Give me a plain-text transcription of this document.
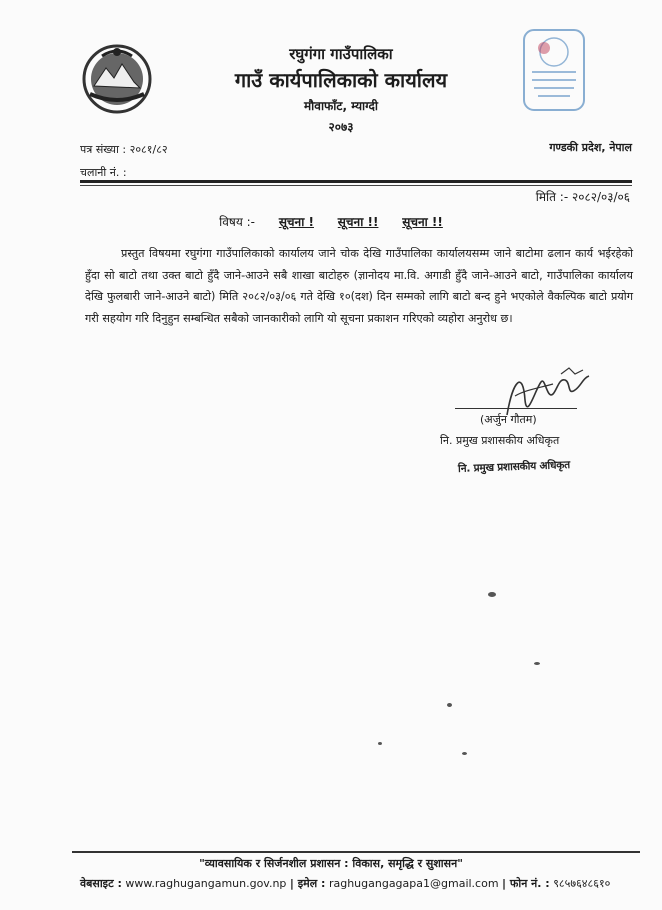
रघुगंगा गाउँपालिका
गाउँ कार्यपालिकाको कार्यालय
मौवाफाँट, म्याग्दी
२०७३
पत्र संख्या : २०८१/८२
चलानी नं. :
गण्डकी प्रदेश, नेपाल
मिति :- २०८२/०३/०६
विषय :- सूचना ! सूचना !! सूचना !!
प्रस्तुत विषयमा रघुगंगा गाउँपालिकाको कार्यालय जाने चोक देखि गाउँपालिका कार्यालयसम्म जाने बाटोमा ढलान कार्य भईरहेको हुँदा सो बाटो तथा उक्त बाटो हुँदै जाने-आउने सबै शाखा बाटोहरु (ज्ञानोदय मा.वि. अगाडी हुँदै जाने-आउने बाटो, गाउँपालिका कार्यालय देखि फुलबारी जाने-आउने बाटो) मिति २०८२/०३/०६ गते देखि १०(दश) दिन सम्मको लागि बाटो बन्द हुने भएकोले वैकल्पिक बाटो प्रयोग गरी सहयोग गरि दिनुहुन सम्बन्धित सबैको जानकारीको लागि यो सूचना प्रकाशन गरिएको व्यहोरा अनुरोध छ।
(अर्जुन गौतम)
नि. प्रमुख प्रशासकीय अधिकृत
नि. प्रमुख प्रशासकीय अधिकृत
"व्यावसायिक र सिर्जनशील प्रशासन : विकास, समृद्धि र सुशासन"
वेबसाइट : www.raghugangamun.gov.np | इमेल : raghugangagapa1@gmail.com | फोन नं. : ९८५७६४८६१०
